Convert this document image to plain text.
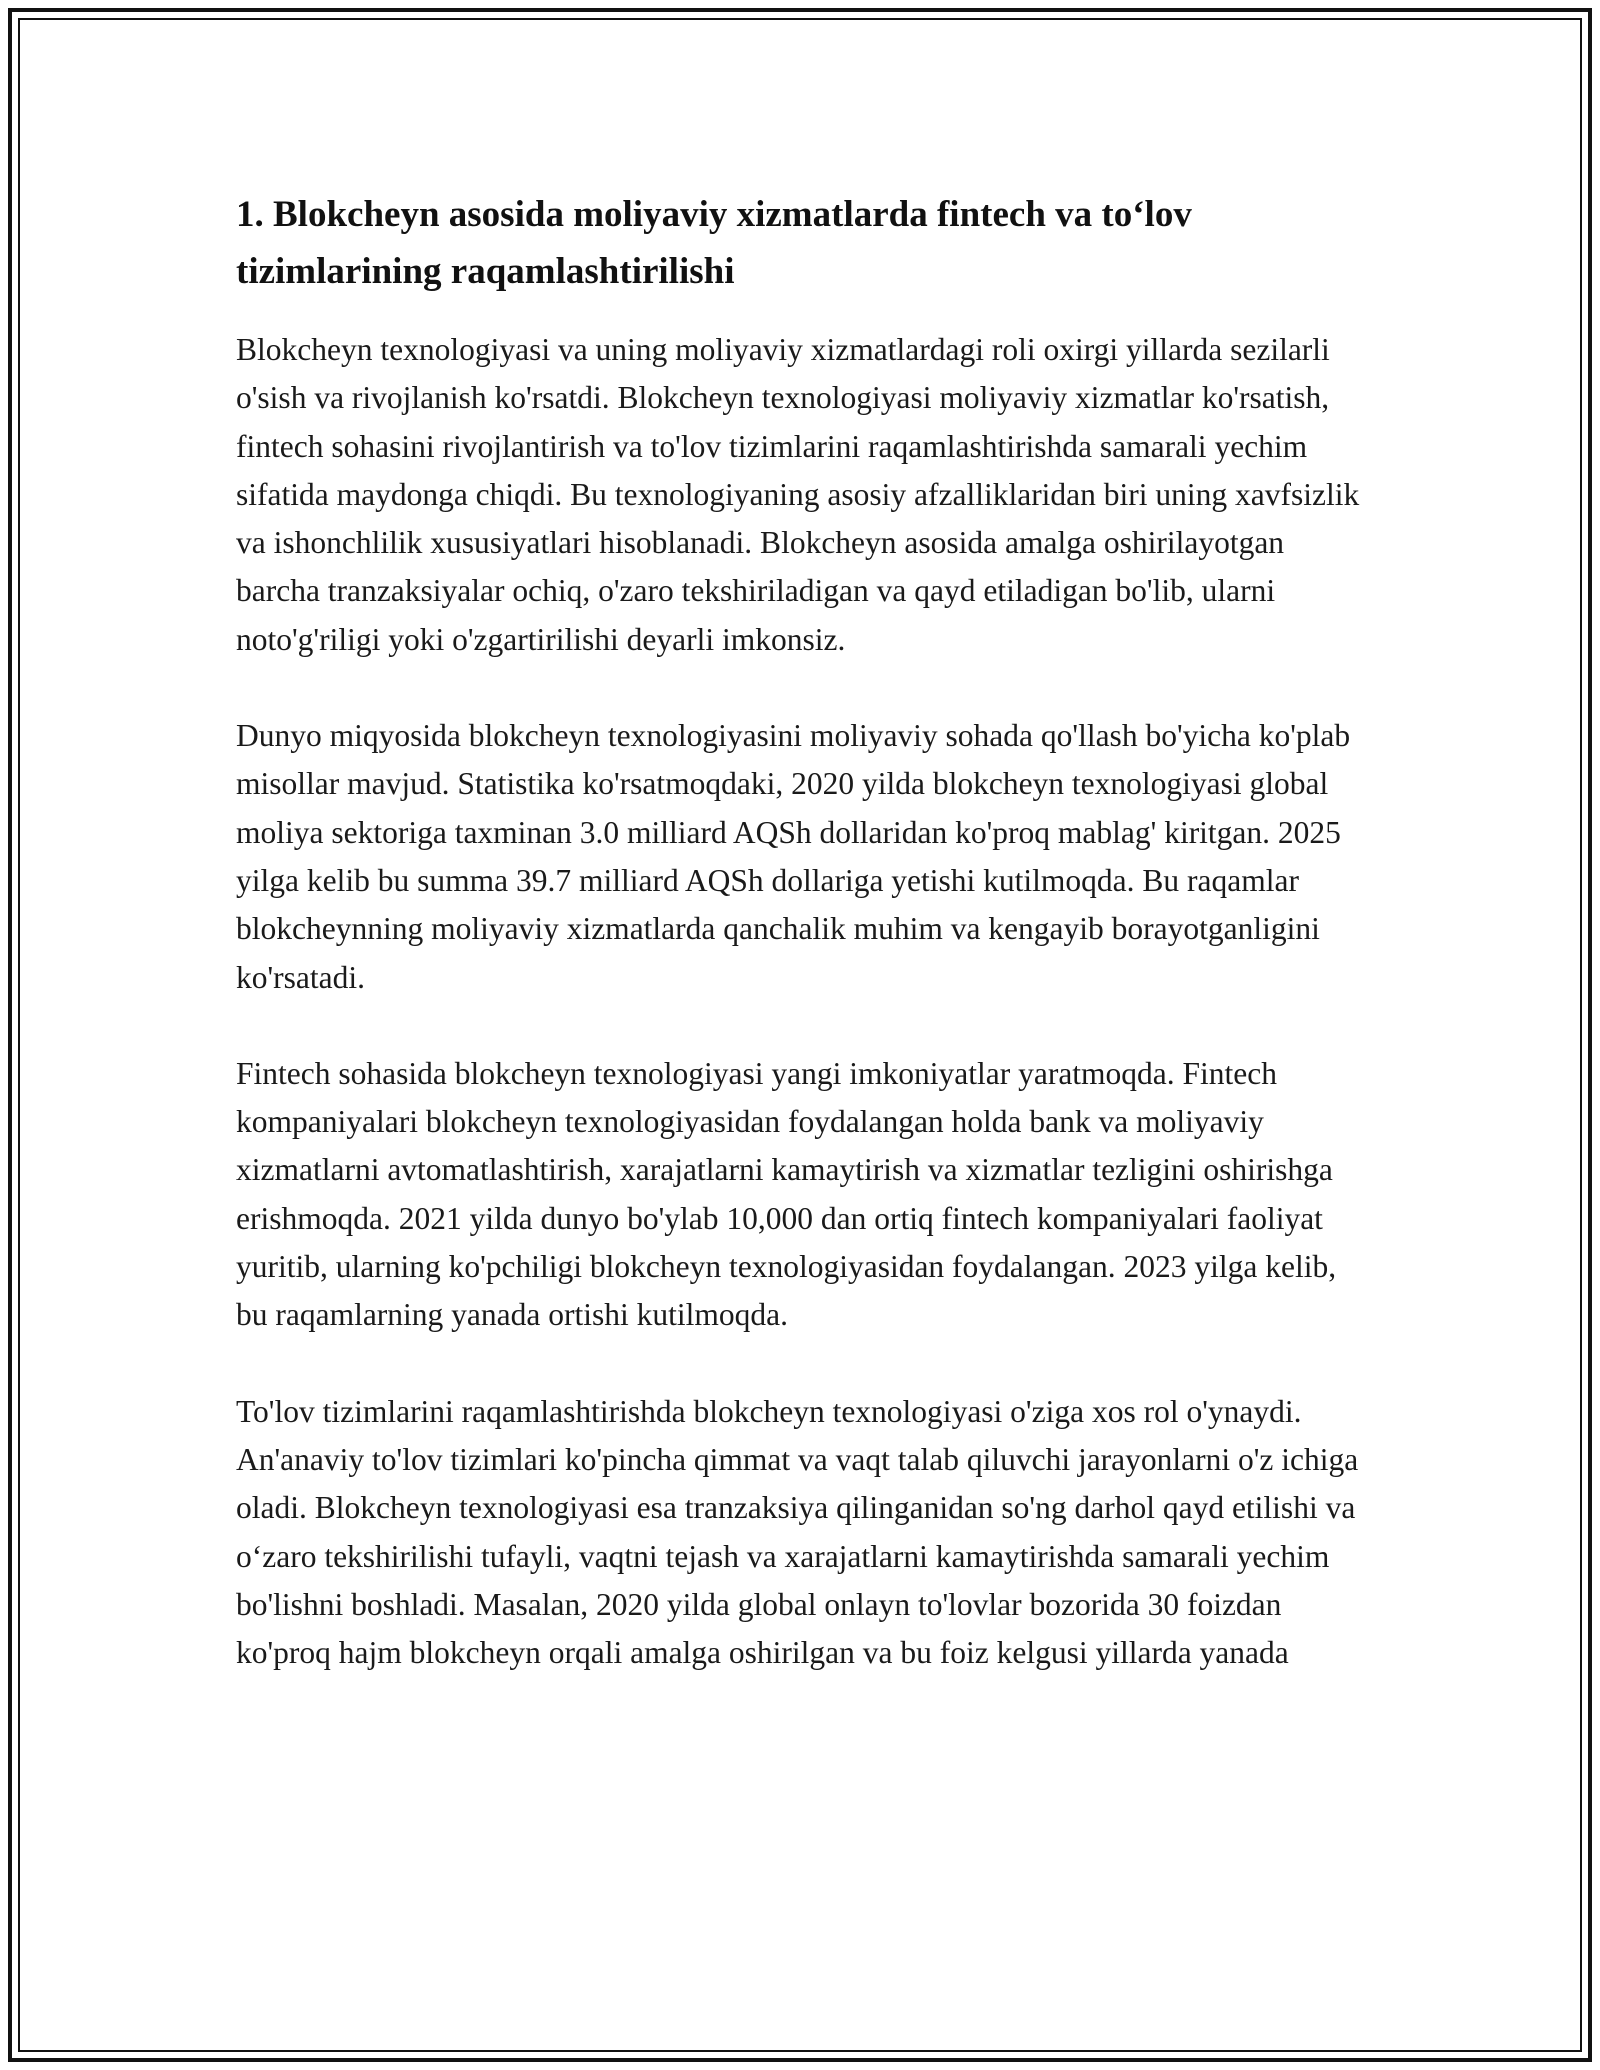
1. Blokcheyn asosida moliyaviy xizmatlarda fintech va to‘lov tizimlarining raqamlashtirilishi

Blokcheyn texnologiyasi va uning moliyaviy xizmatlardagi roli oxirgi yillarda sezilarli o'sish va rivojlanish ko'rsatdi. Blokcheyn texnologiyasi moliyaviy xizmatlar ko'rsatish, fintech sohasini rivojlantirish va to'lov tizimlarini raqamlashtirishda samarali yechim sifatida maydonga chiqdi. Bu texnologiyaning asosiy afzalliklaridan biri uning xavfsizlik va ishonchlilik xususiyatlari hisoblanadi. Blokcheyn asosida amalga oshirilayotgan barcha tranzaksiyalar ochiq, o'zaro tekshiriladigan va qayd etiladigan bo'lib, ularni noto'g'riligi yoki o'zgartirilishi deyarli imkonsiz.

Dunyo miqyosida blokcheyn texnologiyasini moliyaviy sohada qo'llash bo'yicha ko'plab misollar mavjud. Statistika ko'rsatmoqdaki, 2020 yilda blokcheyn texnologiyasi global moliya sektoriga taxminan 3.0 milliard AQSh dollaridan ko'proq mablag' kiritgan. 2025 yilga kelib bu summa 39.7 milliard AQSh dollariga yetishi kutilmoqda. Bu raqamlar blokcheynning moliyaviy xizmatlarda qanchalik muhim va kengayib borayotganligini ko'rsatadi.

Fintech sohasida blokcheyn texnologiyasi yangi imkoniyatlar yaratmoqda. Fintech kompaniyalari blokcheyn texnologiyasidan foydalangan holda bank va moliyaviy xizmatlarni avtomatlashtirish, xarajatlarni kamaytirish va xizmatlar tezligini oshirishga erishmoqda. 2021 yilda dunyo bo'ylab 10,000 dan ortiq fintech kompaniyalari faoliyat yuritib, ularning ko'pchiligi blokcheyn texnologiyasidan foydalangan. 2023 yilga kelib, bu raqamlarning yanada ortishi kutilmoqda.

To'lov tizimlarini raqamlashtirishda blokcheyn texnologiyasi o'ziga xos rol o'ynaydi. An'anaviy to'lov tizimlari ko'pincha qimmat va vaqt talab qiluvchi jarayonlarni o'z ichiga oladi. Blokcheyn texnologiyasi esa tranzaksiya qilinganidan so'ng darhol qayd etilishi va o‘zaro tekshirilishi tufayli, vaqtni tejash va xarajatlarni kamaytirishda samarali yechim bo'lishni boshladi. Masalan, 2020 yilda global onlayn to'lovlar bozorida 30 foizdan ko'proq hajm blokcheyn orqali amalga oshirilgan va bu foiz kelgusi yillarda yanada
